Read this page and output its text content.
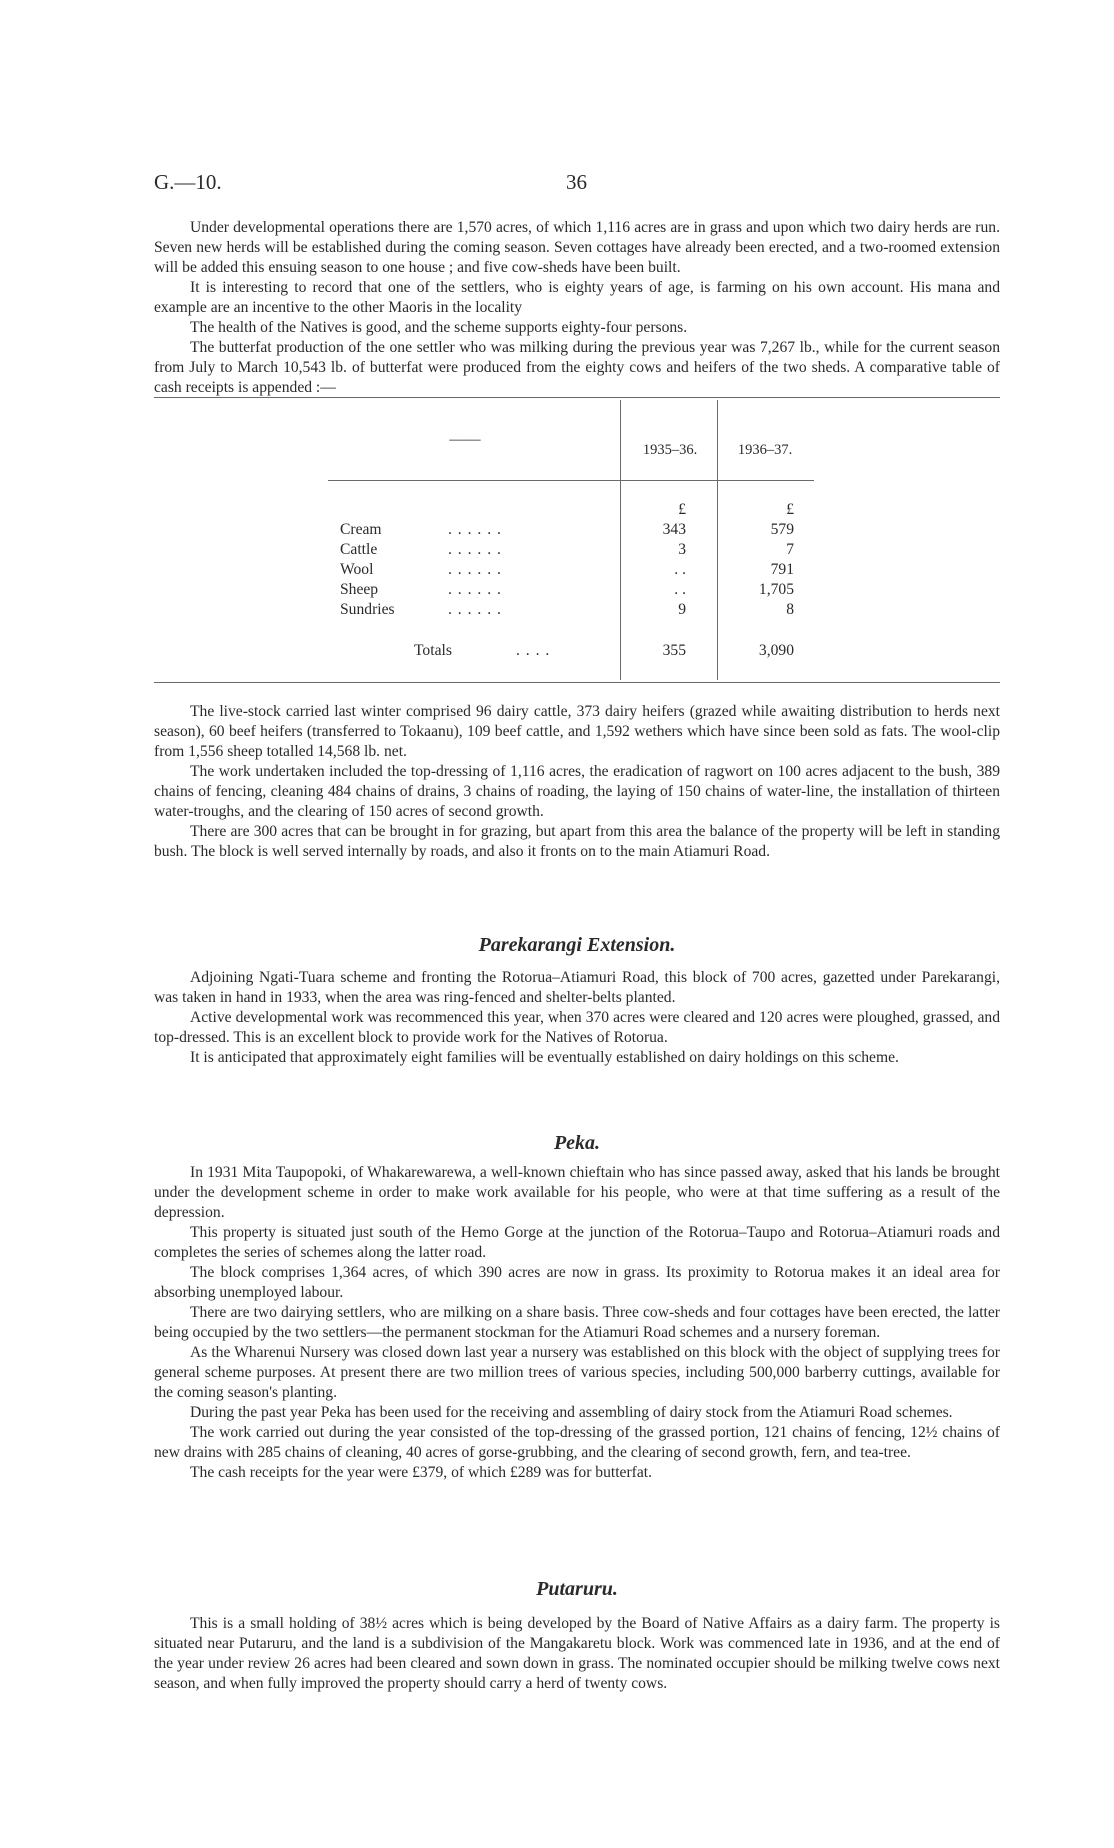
G.—10.	36

Under developmental operations there are 1,570 acres, of which 1,116 acres are in grass and upon which two dairy herds are run. Seven new herds will be established during the coming season. Seven cottages have already been erected, and a two-roomed extension will be added this ensuing season to one house ; and five cow-sheds have been built.

It is interesting to record that one of the settlers, who is eighty years of age, is farming on his own account. His mana and example are an incentive to the other Maoris in the locality

The health of the Natives is good, and the scheme supports eighty-four persons.

The butterfat production of the one settler who was milking during the previous year was 7,267 lb., while for the current season from July to March 10,543 lb. of butterfat were produced from the eighty cows and heifers of the two sheds. A comparative table of cash receipts is appended :—

——
1935–36.	1936–37.
£	£
Cream	. . . . . .	343	579
Cattle	. . . . . .	3	7
Wool	. . . . . .	. .	791
Sheep	. . . . . .	. .	1,705
Sundries	. . . . . .	9	8
Totals	. . . .	355	3,090

The live-stock carried last winter comprised 96 dairy cattle, 373 dairy heifers (grazed while awaiting distribution to herds next season), 60 beef heifers (transferred to Tokaanu), 109 beef cattle, and 1,592 wethers which have since been sold as fats. The wool-clip from 1,556 sheep totalled 14,568 lb. net.

The work undertaken included the top-dressing of 1,116 acres, the eradication of ragwort on 100 acres adjacent to the bush, 389 chains of fencing, cleaning 484 chains of drains, 3 chains of roading, the laying of 150 chains of water-line, the installation of thirteen water-troughs, and the clearing of 150 acres of second growth.

There are 300 acres that can be brought in for grazing, but apart from this area the balance of the property will be left in standing bush. The block is well served internally by roads, and also it fronts on to the main Atiamuri Road.

Parekarangi Extension.

Adjoining Ngati-Tuara scheme and fronting the Rotorua–Atiamuri Road, this block of 700 acres, gazetted under Parekarangi, was taken in hand in 1933, when the area was ring-fenced and shelter-belts planted.

Active developmental work was recommenced this year, when 370 acres were cleared and 120 acres were ploughed, grassed, and top-dressed. This is an excellent block to provide work for the Natives of Rotorua.

It is anticipated that approximately eight families will be eventually established on dairy holdings on this scheme.

Peka.

In 1931 Mita Taupopoki, of Whakarewarewa, a well-known chieftain who has since passed away, asked that his lands be brought under the development scheme in order to make work available for his people, who were at that time suffering as a result of the depression.

This property is situated just south of the Hemo Gorge at the junction of the Rotorua–Taupo and Rotorua–Atiamuri roads and completes the series of schemes along the latter road.

The block comprises 1,364 acres, of which 390 acres are now in grass. Its proximity to Rotorua makes it an ideal area for absorbing unemployed labour.

There are two dairying settlers, who are milking on a share basis. Three cow-sheds and four cottages have been erected, the latter being occupied by the two settlers—the permanent stockman for the Atiamuri Road schemes and a nursery foreman.

As the Wharenui Nursery was closed down last year a nursery was established on this block with the object of supplying trees for general scheme purposes. At present there are two million trees of various species, including 500,000 barberry cuttings, available for the coming season's planting.

During the past year Peka has been used for the receiving and assembling of dairy stock from the Atiamuri Road schemes.

The work carried out during the year consisted of the top-dressing of the grassed portion, 121 chains of fencing, 12½ chains of new drains with 285 chains of cleaning, 40 acres of gorse-grubbing, and the clearing of second growth, fern, and tea-tree.

The cash receipts for the year were £379, of which £289 was for butterfat.

Putaruru.

This is a small holding of 38½ acres which is being developed by the Board of Native Affairs as a dairy farm. The property is situated near Putaruru, and the land is a subdivision of the Mangakaretu block. Work was commenced late in 1936, and at the end of the year under review 26 acres had been cleared and sown down in grass. The nominated occupier should be milking twelve cows next season, and when fully improved the property should carry a herd of twenty cows.
